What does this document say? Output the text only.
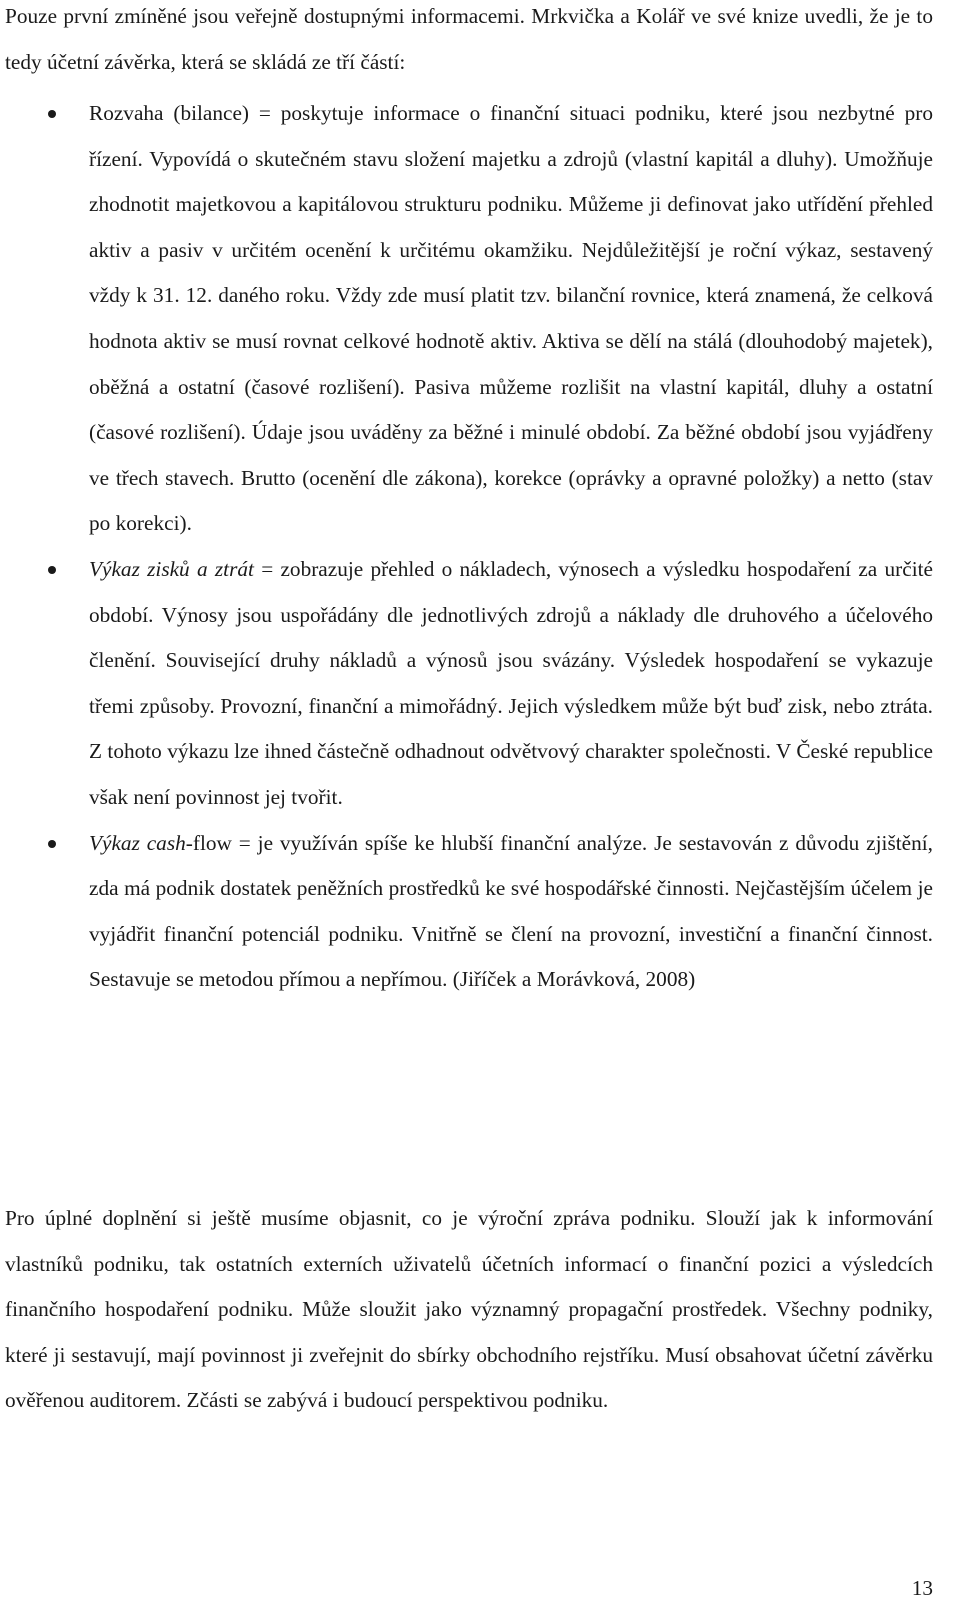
Pouze první zmíněné jsou veřejně dostupnými informacemi. Mrkvička a Kolář ve své knize uvedli, že je to tedy účetní závěrka, která se skládá ze tří částí:

Rozvaha (bilance) = poskytuje informace o finanční situaci podniku, které jsou nezbytné pro řízení. Vypovídá o skutečném stavu složení majetku a zdrojů (vlastní kapitál a dluhy). Umožňuje zhodnotit majetkovou a kapitálovou strukturu podniku. Můžeme ji definovat jako utřídění přehled aktiv a pasiv v určitém ocenění k určitému okamžiku. Nejdůležitější je roční výkaz, sestavený vždy k 31. 12. daného roku. Vždy zde musí platit tzv. bilanční rovnice, která znamená, že celková hodnota aktiv se musí rovnat celkové hodnotě aktiv. Aktiva se dělí na stálá (dlouhodobý majetek), oběžná a ostatní (časové rozlišení). Pasiva můžeme rozlišit na vlastní kapitál, dluhy a ostatní (časové rozlišení). Údaje jsou uváděny za běžné i minulé období. Za běžné období jsou vyjádřeny ve třech stavech. Brutto (ocenění dle zákona), korekce (oprávky a opravné položky) a netto (stav po korekci).
Výkaz zisků a ztrát = zobrazuje přehled o nákladech, výnosech a výsledku hospodaření za určité období. Výnosy jsou uspořádány dle jednotlivých zdrojů a náklady dle druhového a účelového členění. Související druhy nákladů a výnosů jsou svázány. Výsledek hospodaření se vykazuje třemi způsoby. Provozní, finanční a mimořádný. Jejich výsledkem může být buď zisk, nebo ztráta. Z tohoto výkazu lze ihned částečně odhadnout odvětvový charakter společnosti. V České republice však není povinnost jej tvořit.
Výkaz cash-flow = je využíván spíše ke hlubší finanční analýze. Je sestavován z důvodu zjištění, zda má podnik dostatek peněžních prostředků ke své hospodářské činnosti. Nejčastějším účelem je vyjádřit finanční potenciál podniku. Vnitřně se člení na provozní, investiční a finanční činnost. Sestavuje se metodou přímou a nepřímou. (Jiříček a Morávková, 2008)

Pro úplné doplnění si ještě musíme objasnit, co je výroční zpráva podniku. Slouží jak k informování vlastníků podniku, tak ostatních externích uživatelů účetních informací o finanční pozici a výsledcích finančního hospodaření podniku. Může sloužit jako významný propagační prostředek. Všechny podniky, které ji sestavují, mají povinnost ji zveřejnit do sbírky obchodního rejstříku. Musí obsahovat účetní závěrku ověřenou auditorem. Zčásti se zabývá i budoucí perspektivou podniku.

13
